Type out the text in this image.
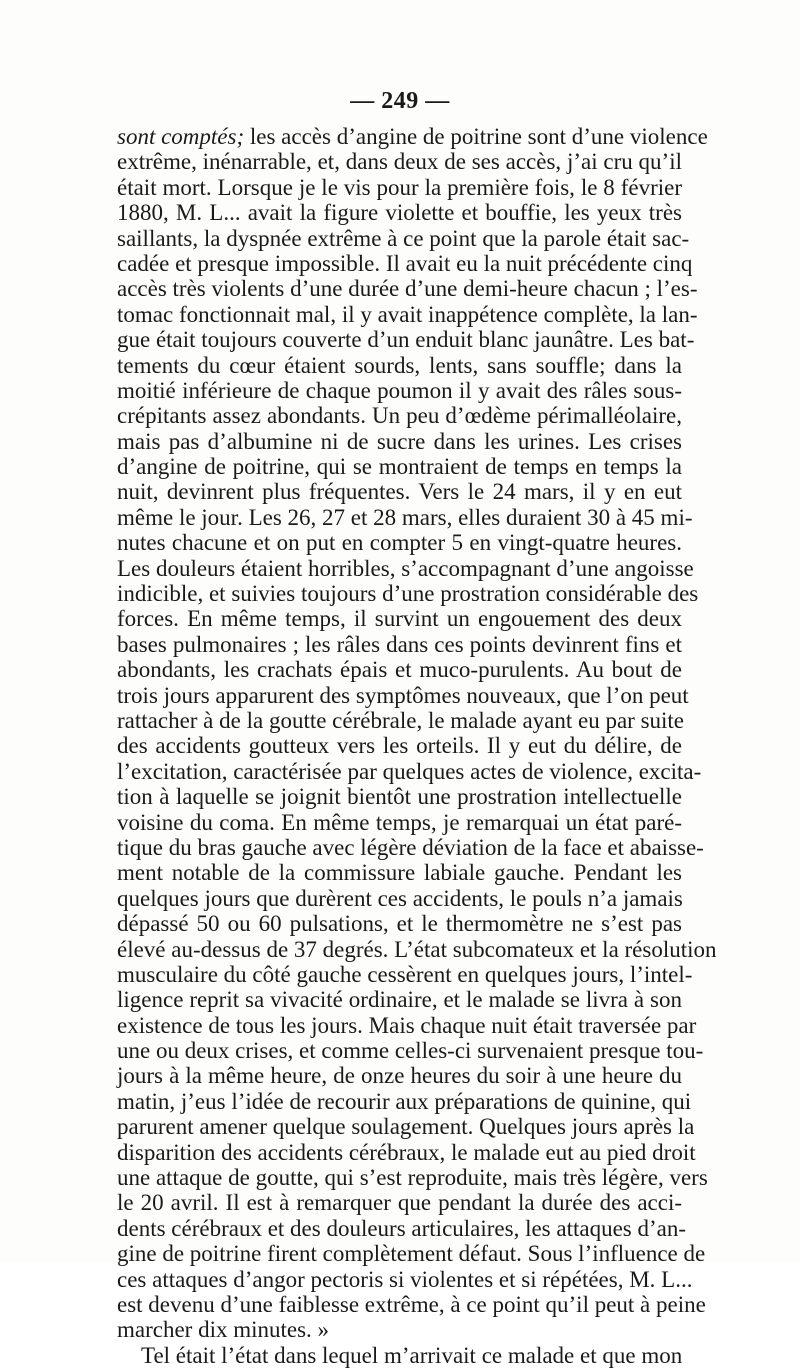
— 249 —
sont comptés; les accès d’angine de poitrine sont d’une violence
extrême, inénarrable, et, dans deux de ses accès, j’ai cru qu’il
était mort. Lorsque je le vis pour la première fois, le 8 février
1880, M. L... avait la figure violette et bouffie, les yeux très
saillants, la dyspnée extrême à ce point que la parole était sac-
cadée et presque impossible. Il avait eu la nuit précédente cinq
accès très violents d’une durée d’une demi-heure chacun ; l’es-
tomac fonctionnait mal, il y avait inappétence complète, la lan-
gue était toujours couverte d’un enduit blanc jaunâtre. Les bat-
tements du cœur étaient sourds, lents, sans souffle; dans la
moitié inférieure de chaque poumon il y avait des râles sous-
crépitants assez abondants. Un peu d’œdème périmalléolaire,
mais pas d’albumine ni de sucre dans les urines. Les crises
d’angine de poitrine, qui se montraient de temps en temps la
nuit, devinrent plus fréquentes. Vers le 24 mars, il y en eut
même le jour. Les 26, 27 et 28 mars, elles duraient 30 à 45 mi-
nutes chacune et on put en compter 5 en vingt-quatre heures.
Les douleurs étaient horribles, s’accompagnant d’une angoisse
indicible, et suivies toujours d’une prostration considérable des
forces. En même temps, il survint un engouement des deux
bases pulmonaires ; les râles dans ces points devinrent fins et
abondants, les crachats épais et muco-purulents. Au bout de
trois jours apparurent des symptômes nouveaux, que l’on peut
rattacher à de la goutte cérébrale, le malade ayant eu par suite
des accidents goutteux vers les orteils. Il y eut du délire, de
l’excitation, caractérisée par quelques actes de violence, excita-
tion à laquelle se joignit bientôt une prostration intellectuelle
voisine du coma. En même temps, je remarquai un état paré-
tique du bras gauche avec légère déviation de la face et abaisse-
ment notable de la commissure labiale gauche. Pendant les
quelques jours que durèrent ces accidents, le pouls n’a jamais
dépassé 50 ou 60 pulsations, et le thermomètre ne s’est pas
élevé au-dessus de 37 degrés. L’état subcomateux et la résolution
musculaire du côté gauche cessèrent en quelques jours, l’intel-
ligence reprit sa vivacité ordinaire, et le malade se livra à son
existence de tous les jours. Mais chaque nuit était traversée par
une ou deux crises, et comme celles-ci survenaient presque tou-
jours à la même heure, de onze heures du soir à une heure du
matin, j’eus l’idée de recourir aux préparations de quinine, qui
parurent amener quelque soulagement. Quelques jours après la
disparition des accidents cérébraux, le malade eut au pied droit
une attaque de goutte, qui s’est reproduite, mais très légère, vers
le 20 avril. Il est à remarquer que pendant la durée des acci-
dents cérébraux et des douleurs articulaires, les attaques d’an-
gine de poitrine firent complètement défaut. Sous l’influence de
ces attaques d’angor pectoris si violentes et si répétées, M. L...
est devenu d’une faiblesse extrême, à ce point qu’il peut à peine
marcher dix minutes. »
Tel était l’état dans lequel m’arrivait ce malade et que mon
